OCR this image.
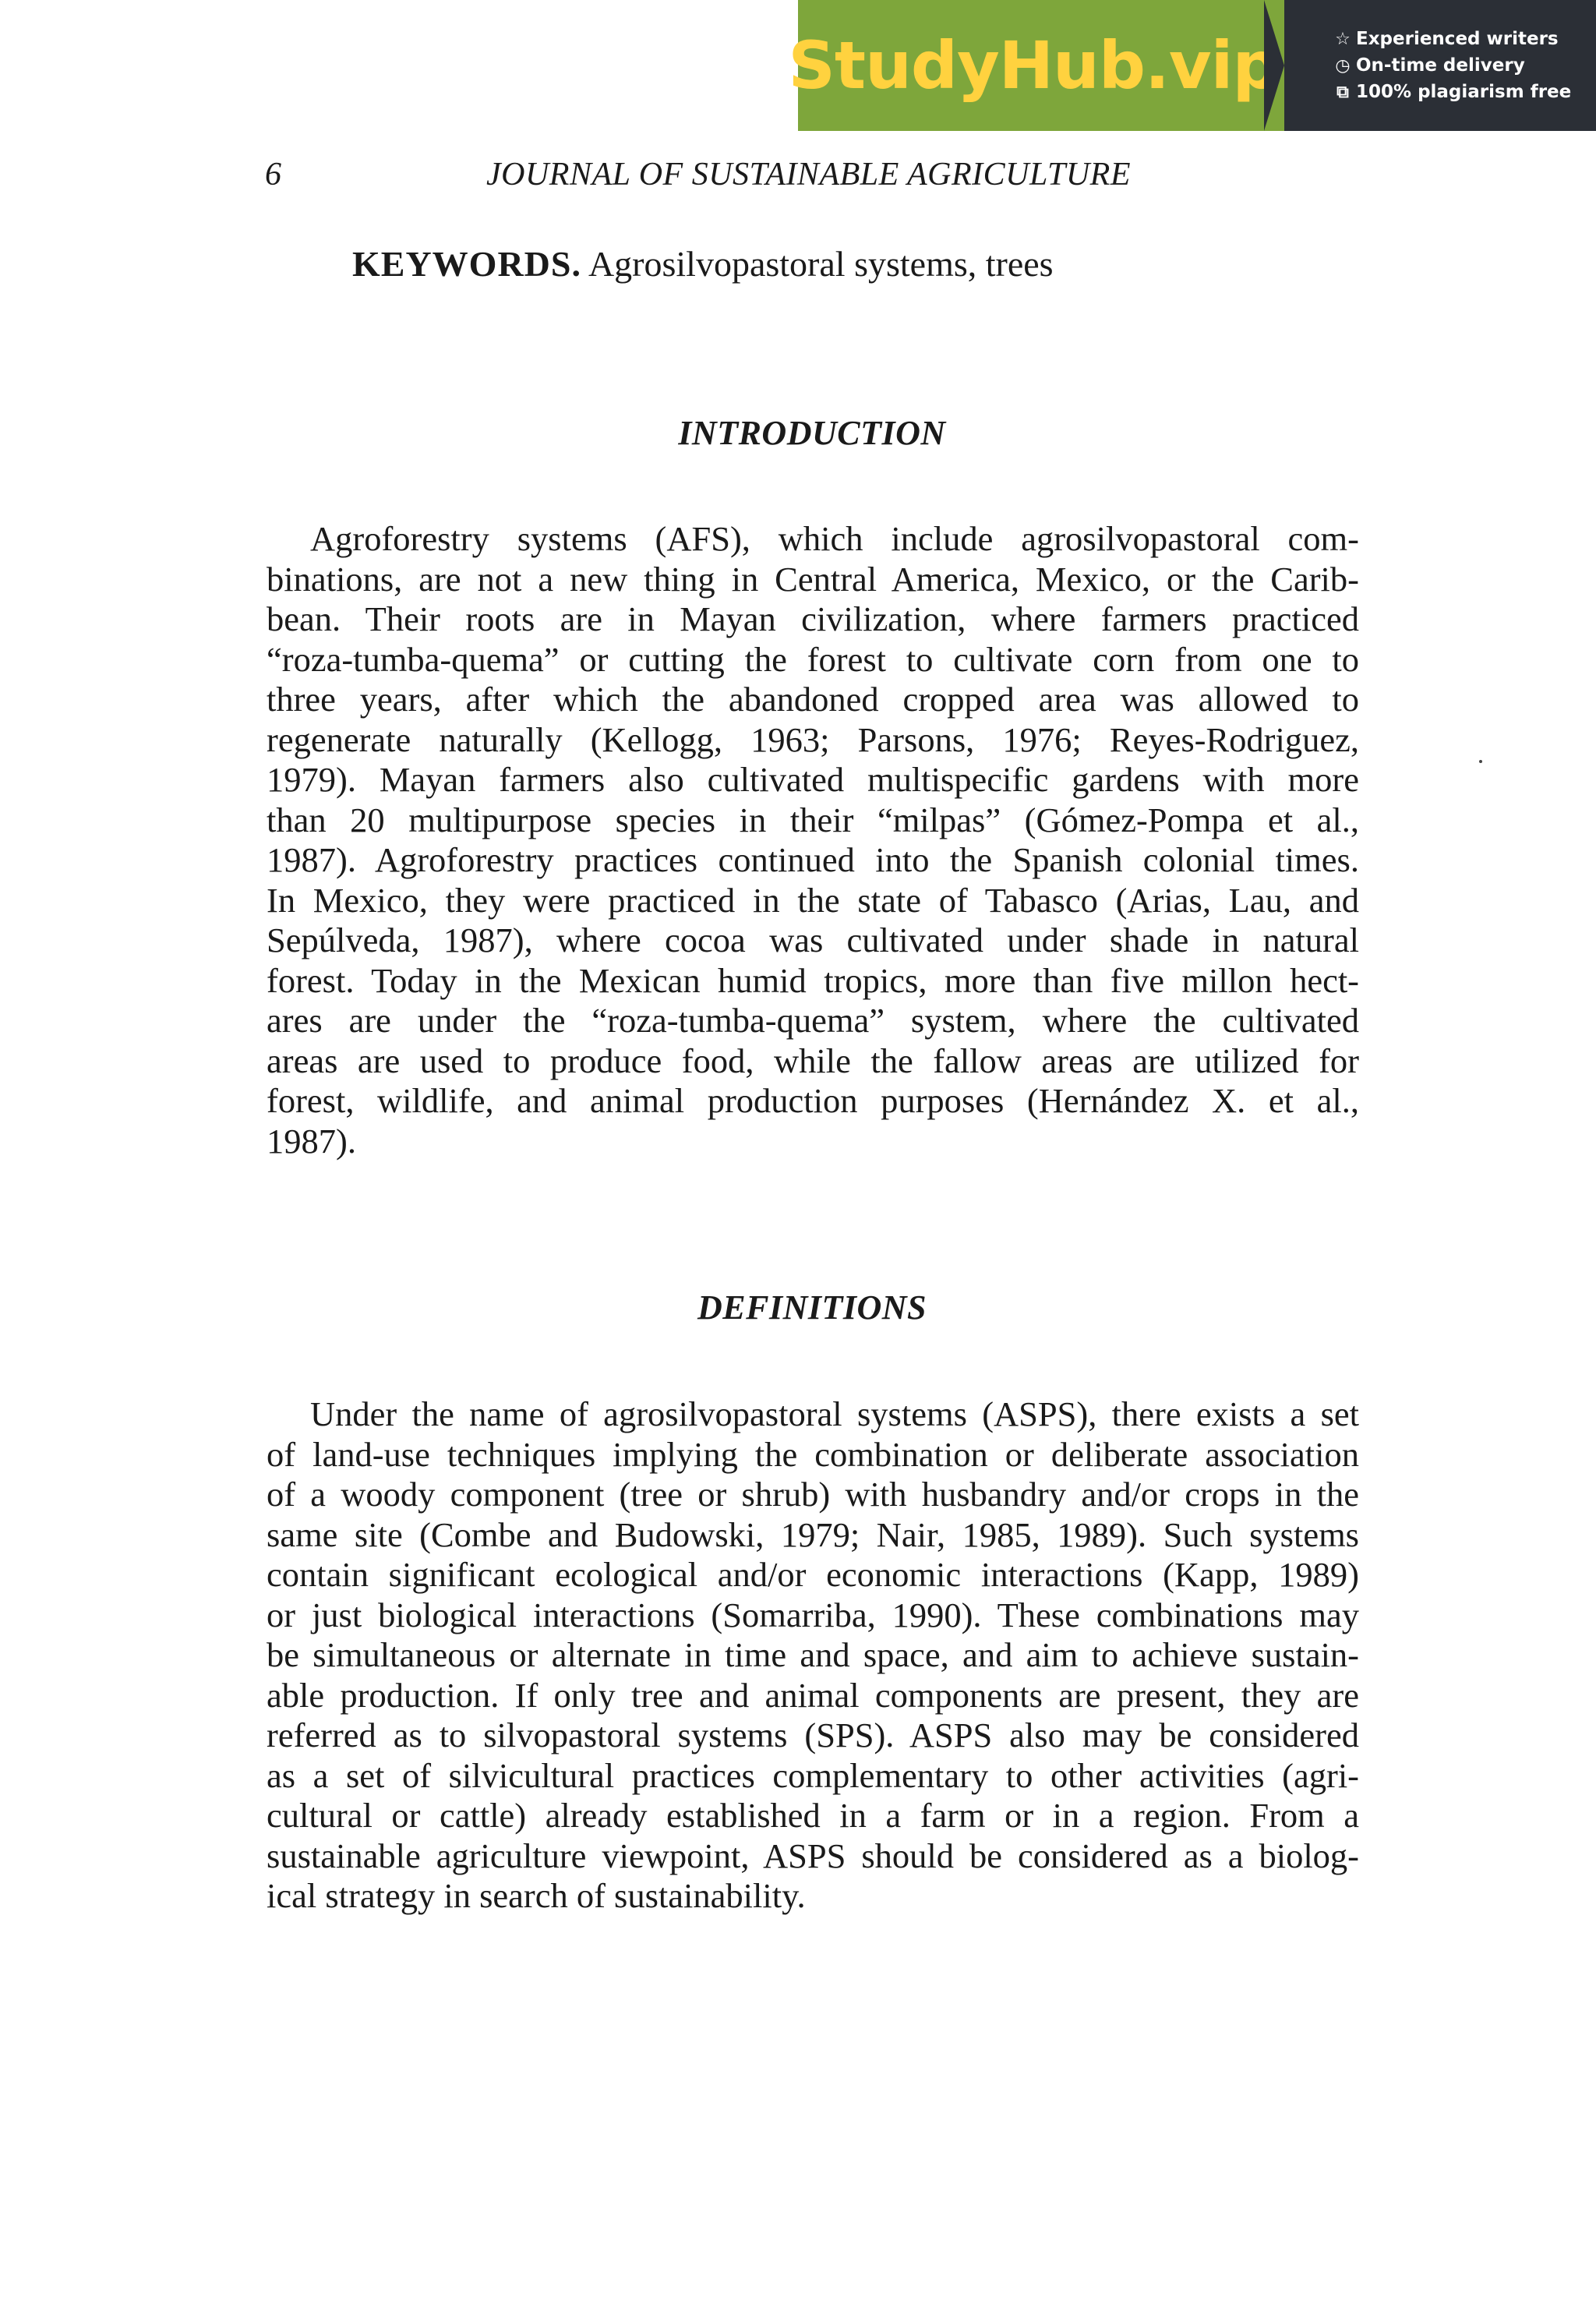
StudyHub.vip	☆ Experienced writers
◷ On-time delivery
⧉ 100% plagiarism free
6	JOURNAL OF SUSTAINABLE AGRICULTURE
KEYWORDS. Agrosilvopastoral systems, trees
INTRODUCTION
Agroforestry systems (AFS), which include agrosilvopastoral com-
binations, are not a new thing in Central America, Mexico, or the Carib-
bean. Their roots are in Mayan civilization, where farmers practiced
“roza-tumba-quema” or cutting the forest to cultivate corn from one to
three years, after which the abandoned cropped area was allowed to
regenerate naturally (Kellogg, 1963; Parsons, 1976; Reyes-Rodriguez,
1979). Mayan farmers also cultivated multispecific gardens with more
than 20 multipurpose species in their “milpas” (Gómez-Pompa et al.,
1987). Agroforestry practices continued into the Spanish colonial times.
In Mexico, they were practiced in the state of Tabasco (Arias, Lau, and
Sepúlveda, 1987), where cocoa was cultivated under shade in natural
forest. Today in the Mexican humid tropics, more than five millon hect-
ares are under the “roza-tumba-quema” system, where the cultivated
areas are used to produce food, while the fallow areas are utilized for
forest, wildlife, and animal production purposes (Hernández X. et al.,
1987).
DEFINITIONS
Under the name of agrosilvopastoral systems (ASPS), there exists a set
of land-use techniques implying the combination or deliberate association
of a woody component (tree or shrub) with husbandry and/or crops in the
same site (Combe and Budowski, 1979; Nair, 1985, 1989). Such systems
contain significant ecological and/or economic interactions (Kapp, 1989)
or just biological interactions (Somarriba, 1990). These combinations may
be simultaneous or alternate in time and space, and aim to achieve sustain-
able production. If only tree and animal components are present, they are
referred as to silvopastoral systems (SPS). ASPS also may be considered
as a set of silvicultural practices complementary to other activities (agri-
cultural or cattle) already established in a farm or in a region. From a
sustainable agriculture viewpoint, ASPS should be considered as a biolog-
ical strategy in search of sustainability.
